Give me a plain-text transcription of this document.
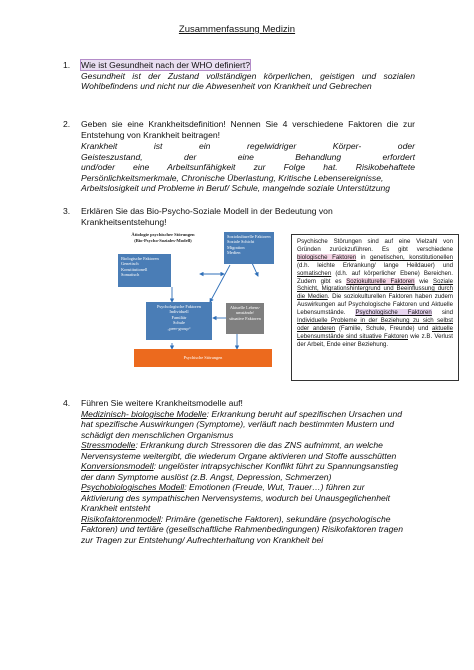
Zusammenfassung Medizin
1. Wie ist Gesundheit nach der WHO definiert?
Gesundheit ist der Zustand vollständigen körperlichen, geistigen und sozialen
Wohlbefindens und nicht nur die Abwesenheit von Krankheit und Gebrechen
2. Geben sie eine Krankheitsdefinition! Nennen Sie 4 verschiedene Faktoren die zur
Entstehung von Krankheit beitragen!
Krankheit ist ein regelwidriger Körper- oder
Geisteszustand, der eine Behandlung erfordert
und/oder eine Arbeitsunfähigkeit zur Folge hat. Risikobehaftete
Persönlichkeitsmerkmale, Chronische Überlastung, Kritische Lebensereignisse,
Arbeitslosigkeit und Probleme in Beruf/ Schule, mangelnde soziale Unterstützung
3. Erklären Sie das Bio-Psycho-Soziale Modell in der Bedeutung von
Krankheitsentstehung!
Ätiologie psychischer Störungen
(Bio-Psycho-Soziales-Modell)
Biologische Faktoren
Genetisch
Konstitutionell
Somatisch
Soziokulturelle Faktoren
Soziale Schicht
Migration
Medien
Psychologische Faktoren
Individuell
Familiär
Schule
„peer-group“
Aktuelle Lebens-
umstände/
situative Faktoren
Psychische Störungen
Psychische Störungen sind auf eine Vielzahl von Gründen zurückzuführen. Es gibt verschiedene biologische Faktoren in genetischen, konstitutionellen (d.h. leichte Erkrankung/ lange Heildauer) und somatischen (d.h. auf körperlicher Ebene) Bereichen. Zudem gibt es Soziokulturelle Faktoren wie Soziale Schicht, Migrationshintergrund und Beeinflussung durch die Medien. Die soziokulturellen Faktoren haben zudem Auswirkungen auf Psychologische Faktoren und Aktuelle Lebensumstände. Psychologische Faktoren sind Individuelle Probleme in der Beziehung zu sich selbst oder anderen (Familie, Schule, Freunde) und aktuelle Lebensumstände sind situative Faktoren wie z.B. Verlust der Arbeit, Ende einer Beziehung.
4. Führen Sie weitere Krankheitsmodelle auf!
Medizinisch- biologische Modelle: Erkrankung beruht auf spezifischen Ursachen und
hat spezifische Auswirkungen (Symptome), verläuft nach bestimmten Mustern und
schädigt den menschlichen Organismus
Stressmodelle: Erkrankung durch Stressoren die das ZNS aufnimmt, an welche
Nervensysteme weitergibt, die wiederum Organe aktivieren und Stoffe ausschütten
Konversionsmodell: ungelöster intrapsychischer Konflikt führt zu Spannungsanstieg
der dann Symptome auslöst (z.B. Angst, Depression, Schmerzen)
Psychobiologisches Modell: Emotionen (Freude, Wut, Trauer…) führen zur
Aktivierung des sympathischen Nervensystems, wodurch bei Unausgeglichenheit
Krankheit entsteht
Risikofaktorenmodell: Primäre (genetische Faktoren), sekundäre (psychologische
Faktoren) und tertiäre (gesellschaftliche Rahmenbedingungen) Risikofaktoren tragen
zur Tragen zur Entstehung/ Aufrechterhaltung von Krankheit bei
